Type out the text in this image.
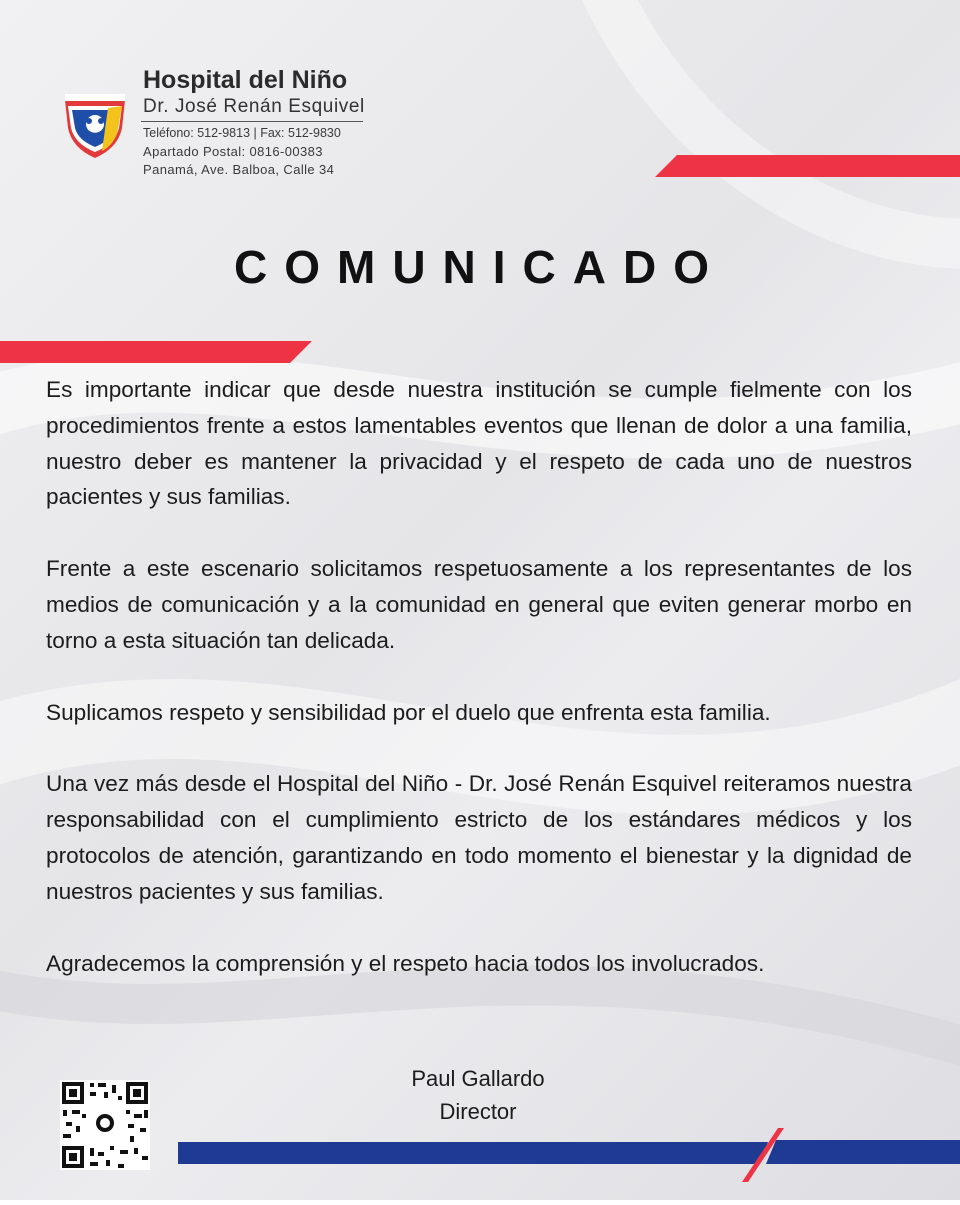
Hospital del Niño
Dr. José Renán Esquivel
Teléfono: 512-9813 | Fax: 512-9830
Apartado Postal: 0816-00383
Panamá, Ave. Balboa, Calle 34
COMUNICADO

Es importante indicar que desde nuestra institución se cumple fielmente con los procedimientos frente a estos lamentables eventos que llenan de dolor a una familia, nuestro deber es mantener la privacidad y el respeto de cada uno de nuestros pacientes y sus familias.

Frente a este escenario solicitamos respetuosamente a los representantes de los medios de comunicación y a la comunidad en general que eviten generar morbo en torno a esta situación tan delicada.

Suplicamos respeto y sensibilidad por el duelo que enfrenta esta familia.

Una vez más desde el Hospital del Niño - Dr. José Renán Esquivel reiteramos nuestra responsabilidad con el cumplimiento estricto de los estándares médicos y los protocolos de atención, garantizando en todo momento el bienestar y la dignidad de nuestros pacientes y sus familias.

Agradecemos la comprensión y el respeto hacia todos los involucrados.

Paul Gallardo
Director
